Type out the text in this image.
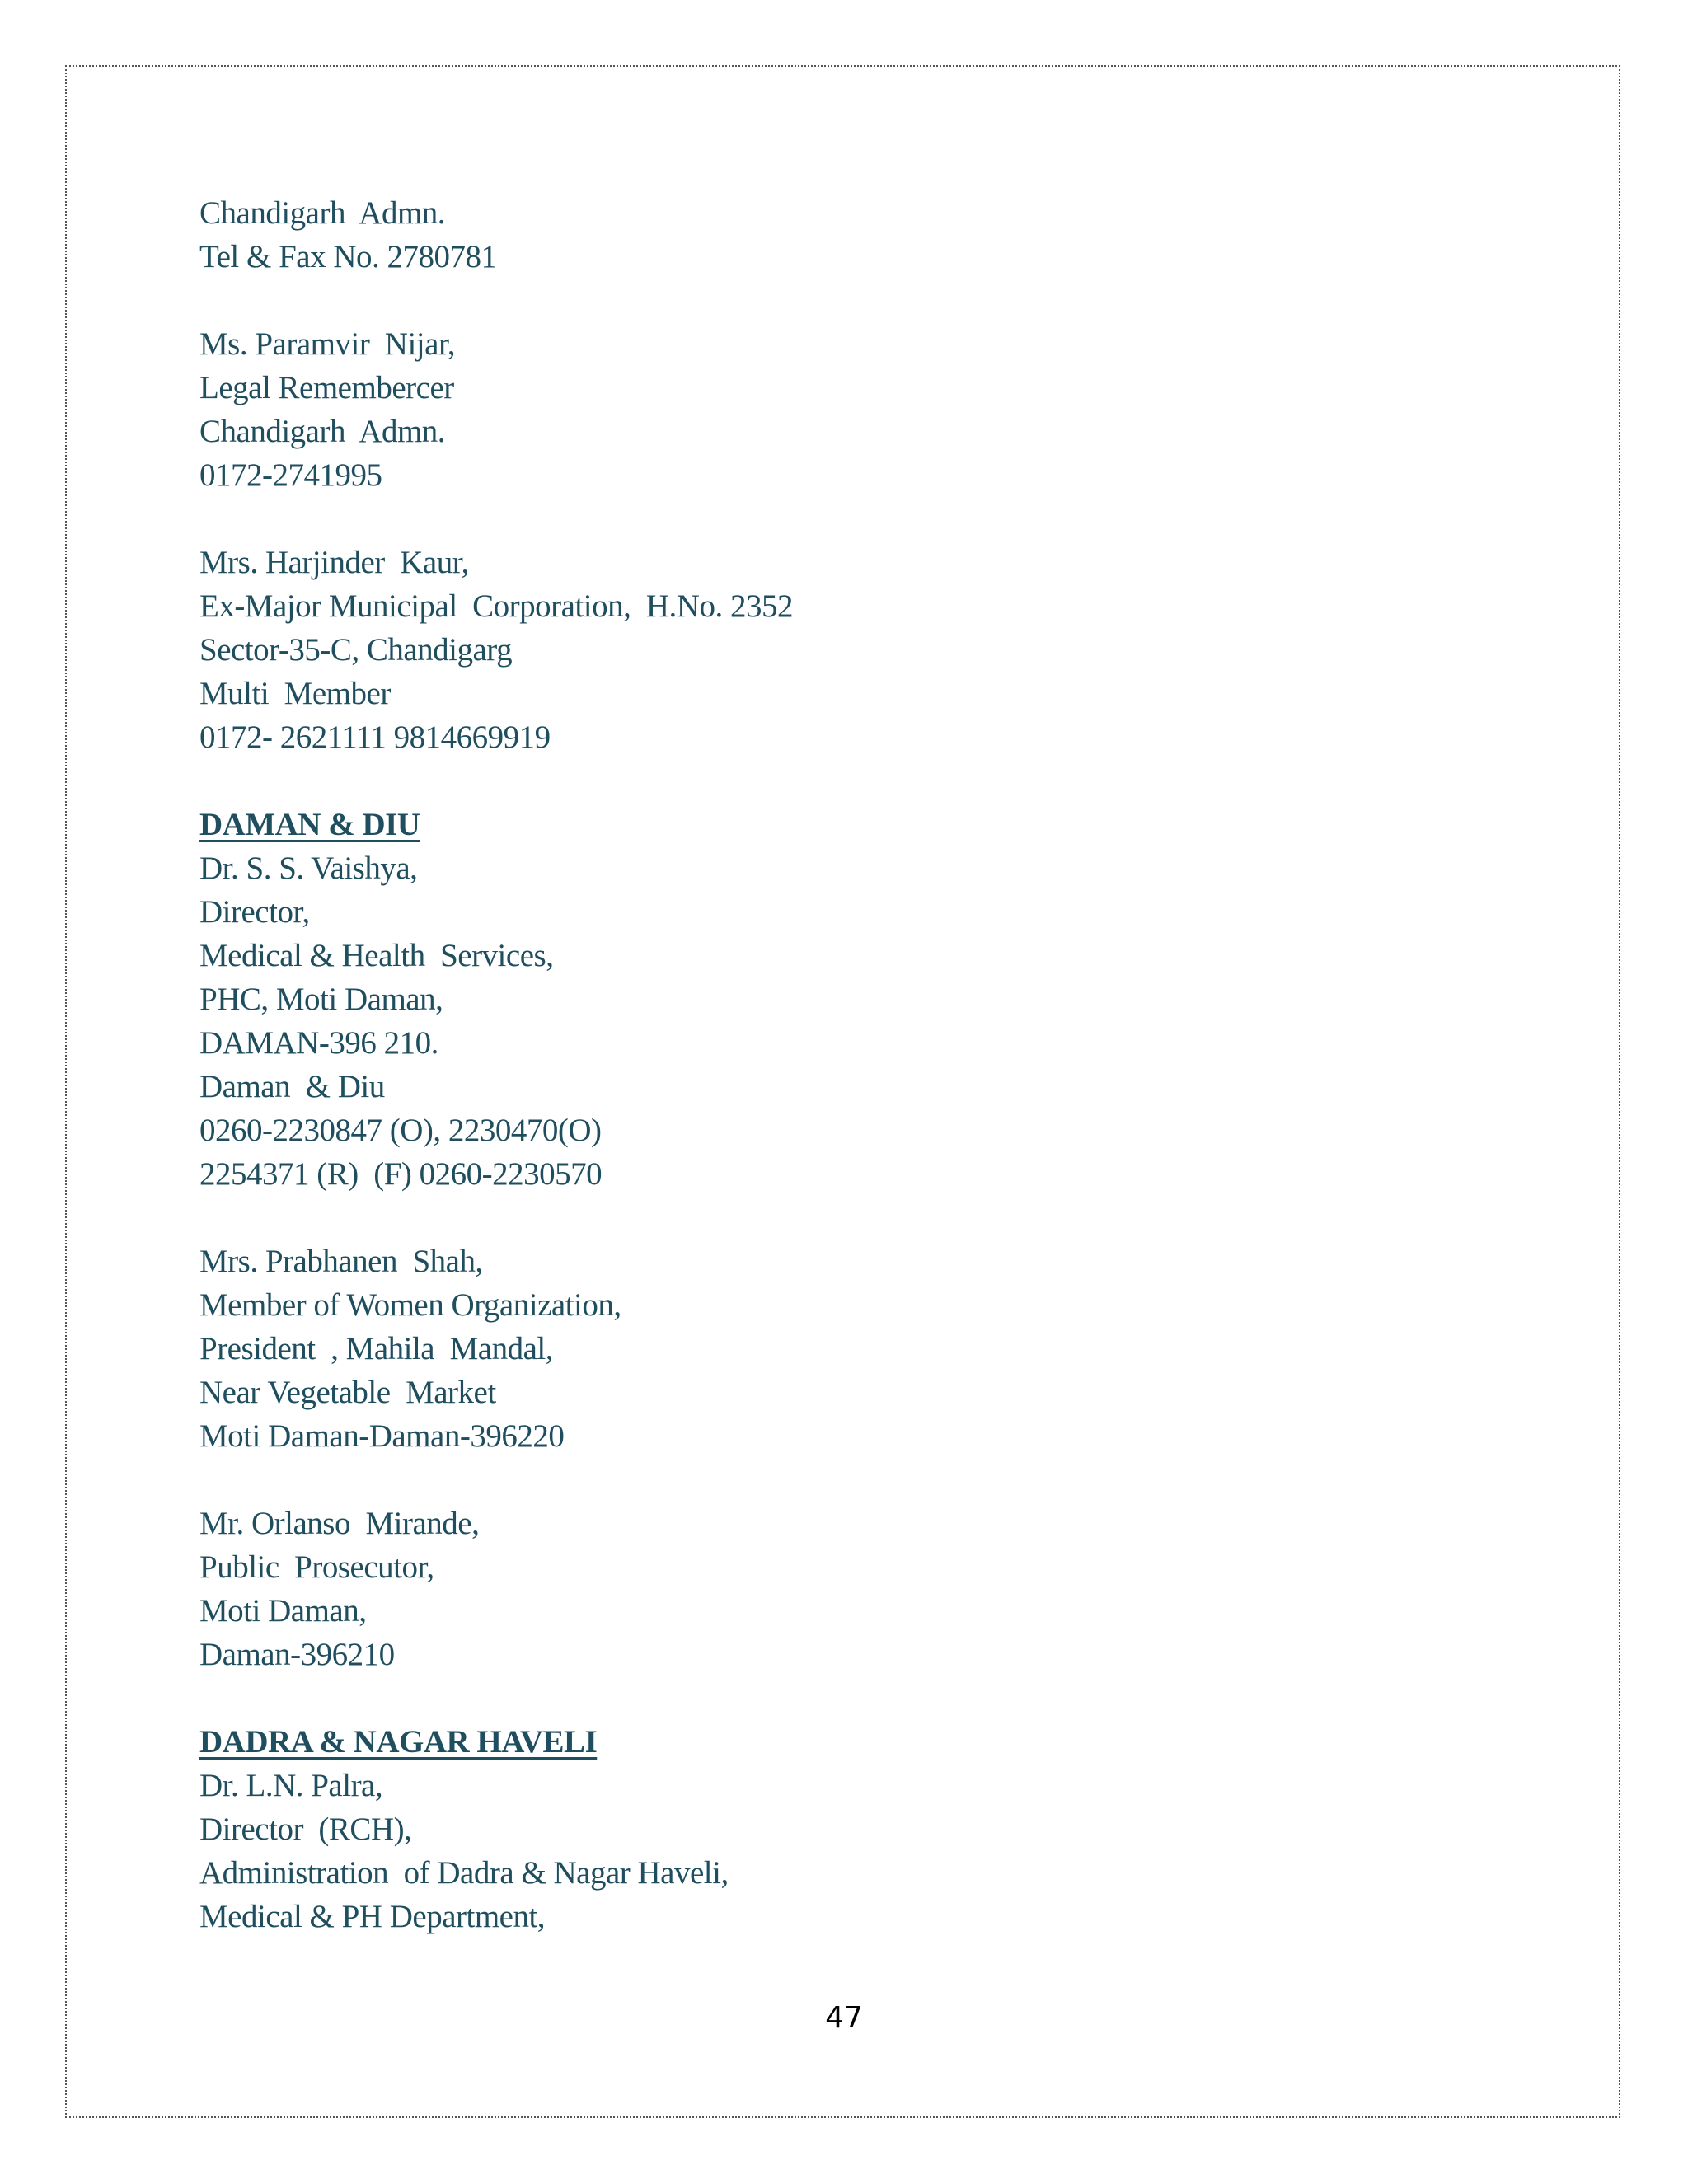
Chandigarh  Admn.
Tel & Fax No. 2780781
Ms. Paramvir  Nijar,
Legal Remembercer
Chandigarh  Admn.
0172-2741995
Mrs. Harjinder  Kaur,
Ex-Major Municipal  Corporation,  H.No. 2352
Sector-35-C, Chandigarg
Multi  Member
0172- 2621111 9814669919
DAMAN & DIU
Dr. S. S. Vaishya,
Director,
Medical & Health  Services,
PHC, Moti Daman,
DAMAN-396 210.
Daman  & Diu
0260-2230847 (O), 2230470(O)
2254371 (R)  (F) 0260-2230570
Mrs. Prabhanen  Shah,
Member of Women Organization,
President  , Mahila  Mandal,
Near Vegetable  Market
Moti Daman-Daman-396220
Mr. Orlanso  Mirande,
Public  Prosecutor,
Moti Daman,
Daman-396210
DADRA & NAGAR HAVELI
Dr. L.N. Palra,
Director  (RCH),
Administration  of Dadra & Nagar Haveli,
Medical & PH Department,
47
